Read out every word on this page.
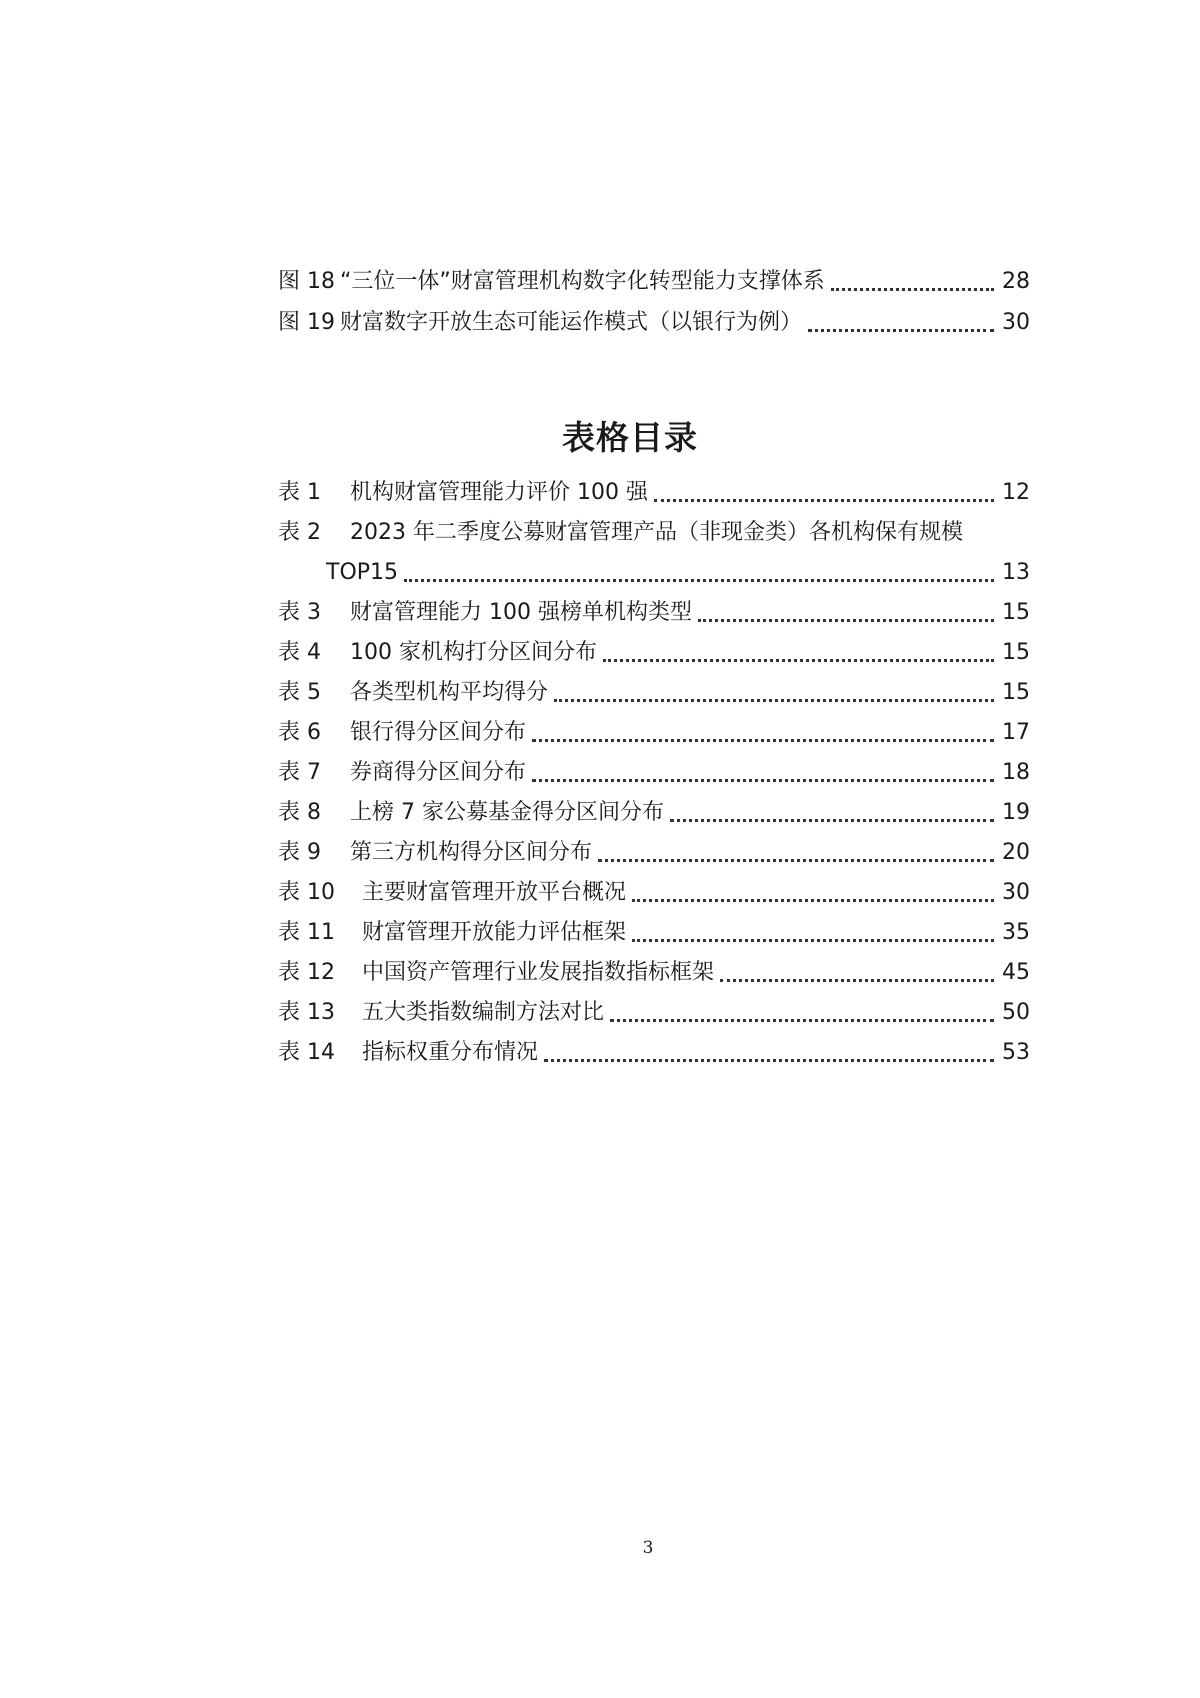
图 18 “三位一体”财富管理机构数字化转型能力支撑体系	28
图 19 财富数字开放生态可能运作模式（以银行为例）	30
表格目录
表 1 机构财富管理能力评价 100 强	12
表 2 2023 年二季度公募财富管理产品（非现金类）各机构保有规模
TOP15	13
表 3 财富管理能力 100 强榜单机构类型	15
表 4 100 家机构打分区间分布	15
表 5 各类型机构平均得分	15
表 6 银行得分区间分布	17
表 7 券商得分区间分布	18
表 8 上榜 7 家公募基金得分区间分布	19
表 9 第三方机构得分区间分布	20
表 10 主要财富管理开放平台概况	30
表 11 财富管理开放能力评估框架	35
表 12 中国资产管理行业发展指数指标框架	45
表 13 五大类指数编制方法对比	50
表 14 指标权重分布情况	53
3
